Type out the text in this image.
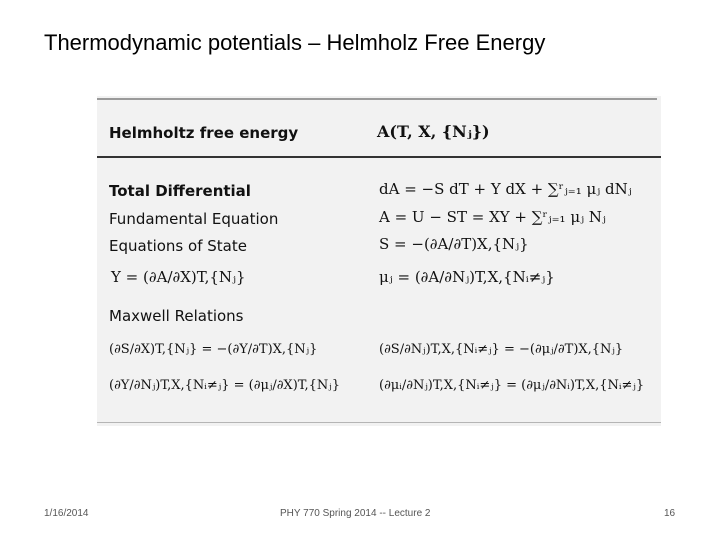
Thermodynamic potentials – Helmholz Free Energy
Helmholtz free energy	A(T, X, {Nⱼ})
Total Differential	dA = −S dT + Y dX + ∑ʳⱼ₌₁ μⱼ dNⱼ
Fundamental Equation	A = U − ST = XY + ∑ʳⱼ₌₁ μⱼ Nⱼ
Equations of State	S = −(∂A/∂T)X,{Nⱼ}
Y = (∂A/∂X)T,{Nⱼ}	μⱼ = (∂A/∂Nⱼ)T,X,{Nᵢ≠ⱼ}
Maxwell Relations
(∂S/∂X)T,{Nⱼ} = −(∂Y/∂T)X,{Nⱼ}	(∂S/∂Nⱼ)T,X,{Nᵢ≠ⱼ} = −(∂μⱼ/∂T)X,{Nⱼ}
(∂Y/∂Nⱼ)T,X,{Nᵢ≠ⱼ} = (∂μⱼ/∂X)T,{Nⱼ}	(∂μᵢ/∂Nⱼ)T,X,{Nᵢ≠ⱼ} = (∂μⱼ/∂Nᵢ)T,X,{Nᵢ≠ⱼ}
1/16/2014	PHY 770 Spring 2014 -- Lecture 2	16
